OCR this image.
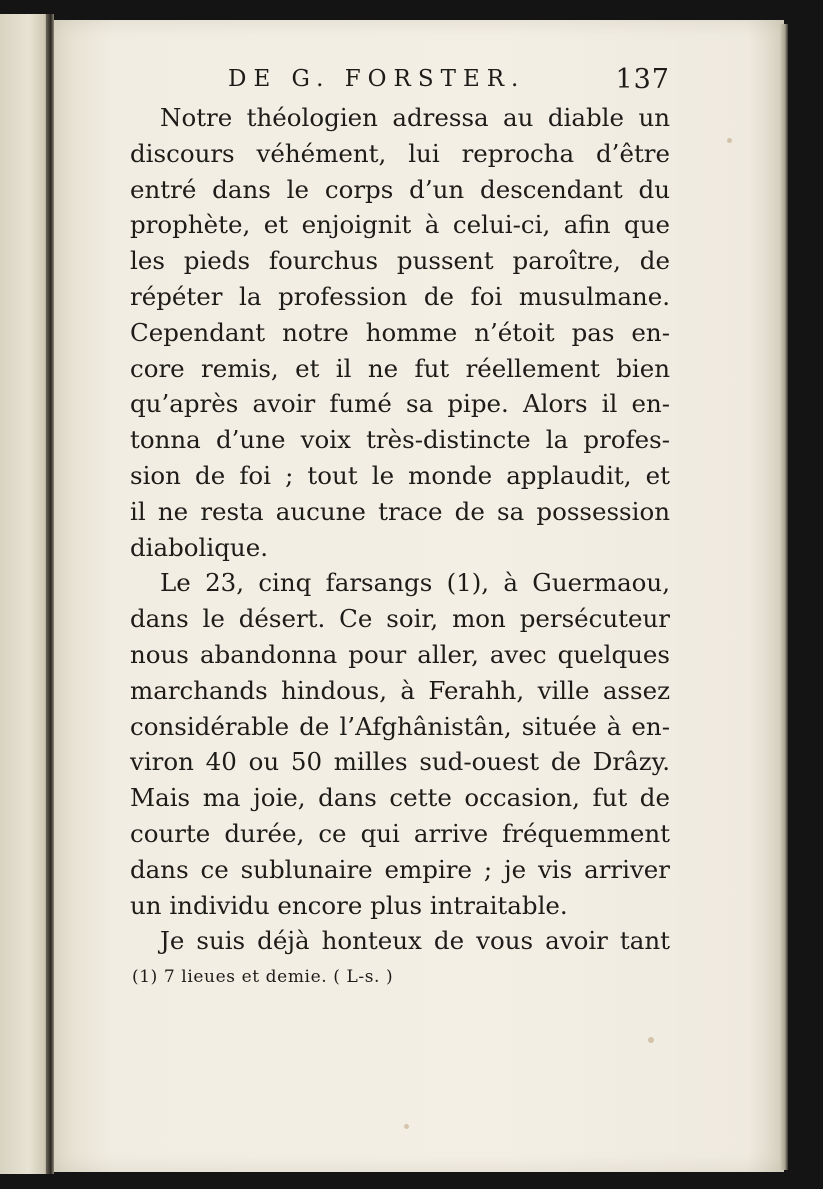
DE G. FORSTER.	137
Notre théologien adressa au diable un
discours véhément, lui reprocha d’être
entré dans le corps d’un descendant du
prophète, et enjoignit à celui-ci, afin que
les pieds fourchus pussent paroître, de
répéter la profession de foi musulmane.
Cependant notre homme n’étoit pas en-
core remis, et il ne fut réellement bien
qu’après avoir fumé sa pipe. Alors il en-
tonna d’une voix très-distincte la profes-
sion de foi ; tout le monde applaudit, et
il ne resta aucune trace de sa possession
diabolique.
Le 23, cinq farsangs (1), à Guermaou,
dans le désert. Ce soir, mon persécuteur
nous abandonna pour aller, avec quelques
marchands hindous, à Ferahh, ville assez
considérable de l’Afghânistân, située à en-
viron 40 ou 50 milles sud-ouest de Drâzy.
Mais ma joie, dans cette occasion, fut de
courte durée, ce qui arrive fréquemment
dans ce sublunaire empire ; je vis arriver
un individu encore plus intraitable.
Je suis déjà honteux de vous avoir tant
(1) 7 lieues et demie. ( L-s. )
